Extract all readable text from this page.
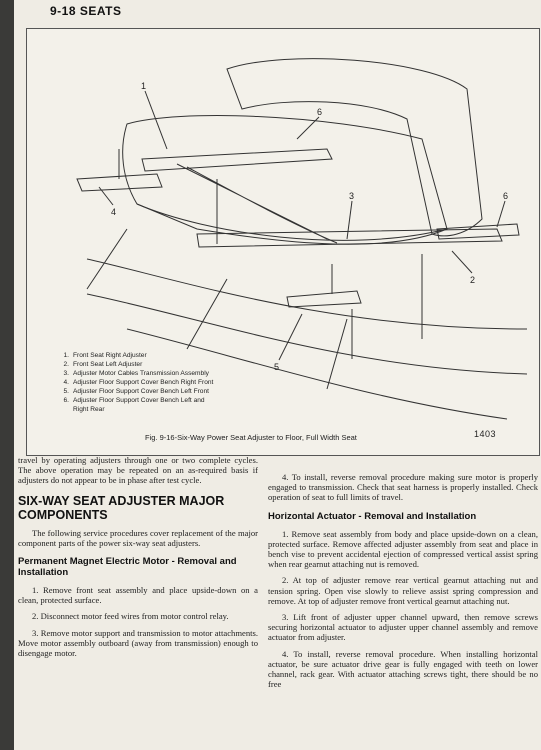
9-18 SEATS
1
6
4
3	6
2
5
1. Front Seat Right Adjuster
2. Front Seat Left Adjuster
3. Adjuster Motor Cables Transmission Assembly
4. Adjuster Floor Support Cover Bench Right Front
5. Adjuster Floor Support Cover Bench Left Front
6. Adjuster Floor Support Cover Bench Left and
Right Rear
1403
Fig. 9-16-Six-Way Power Seat Adjuster to Floor, Full Width Seat

travel by operating adjusters through one or two complete cycles. The above operation may be repeated on an as-required basis if adjusters do not appear to be in phase after test cycle.

SIX-WAY SEAT ADJUSTER MAJOR COMPONENTS

The following service procedures cover replacement of the major component parts of the power six-way seat adjusters.

Permanent Magnet Electric Motor - Removal and Installation

1. Remove front seat assembly and place upside-down on a clean, protected surface.

2. Disconnect motor feed wires from motor control relay.

3. Remove motor support and transmission to motor attachments. Move motor assembly outboard (away from transmission) enough to disengage motor.

4. To install, reverse removal procedure making sure motor is properly engaged to transmission. Check that seat harness is properly installed. Check operation of seat to full limits of travel.

Horizontal Actuator - Removal and Installation

1. Remove seat assembly from body and place upside-down on a clean, protected surface. Remove affected adjuster assembly from seat and place in bench vise to prevent accidental ejection of compressed vertical assist spring when rear gearnut attaching nut is removed.

2. At top of adjuster remove rear vertical gearnut attaching nut and tension spring. Open vise slowly to relieve assist spring compression and remove. At top of adjuster remove front vertical gearnut attaching nut.

3. Lift front of adjuster upper channel upward, then remove screws securing horizontal actuator to adjuster upper channel assembly and remove actuator from adjuster.

4. To install, reverse removal procedure. When installing horizontal actuator, be sure actuator drive gear is fully engaged with teeth on lower channel, rack gear. With actuator attaching screws tight, there should be no free
